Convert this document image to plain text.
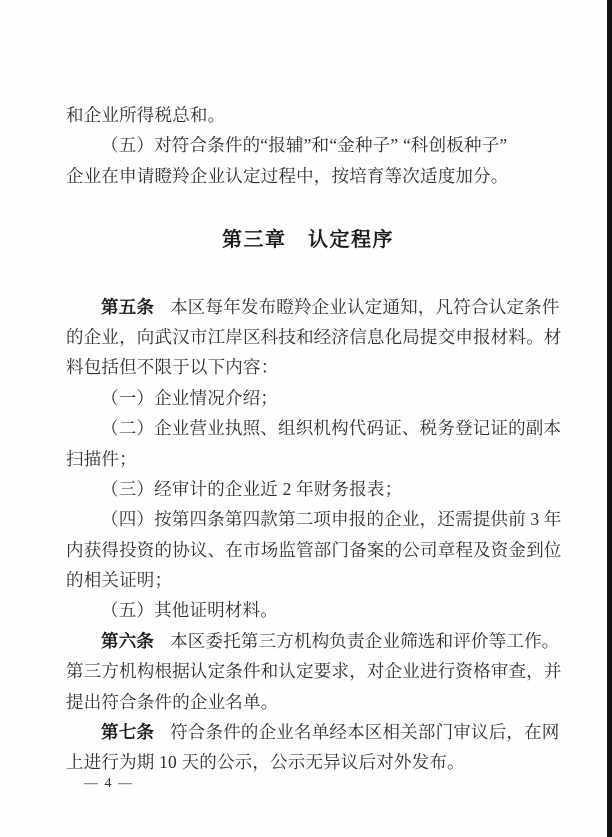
和企业所得税总和。
（五）对符合条件的“报辅”和“金种子” “科创板种子”
企业在申请瞪羚企业认定过程中，按培育等次适度加分。
第三章　认定程序
第五条 本区每年发布瞪羚企业认定通知，凡符合认定条件
的企业，向武汉市江岸区科技和经济信息化局提交申报材料。材
料包括但不限于以下内容：
（一）企业情况介绍；
（二）企业营业执照、组织机构代码证、税务登记证的副本
扫描件；
（三）经审计的企业近 2 年财务报表；
（四）按第四条第四款第二项申报的企业，还需提供前 3 年
内获得投资的协议、在市场监管部门备案的公司章程及资金到位
的相关证明；
（五）其他证明材料。
第六条 本区委托第三方机构负责企业筛选和评价等工作。
第三方机构根据认定条件和认定要求，对企业进行资格审查，并
提出符合条件的企业名单。
第七条 符合条件的企业名单经本区相关部门审议后，在网
上进行为期 10 天的公示，公示无异议后对外发布。
— 4 —
